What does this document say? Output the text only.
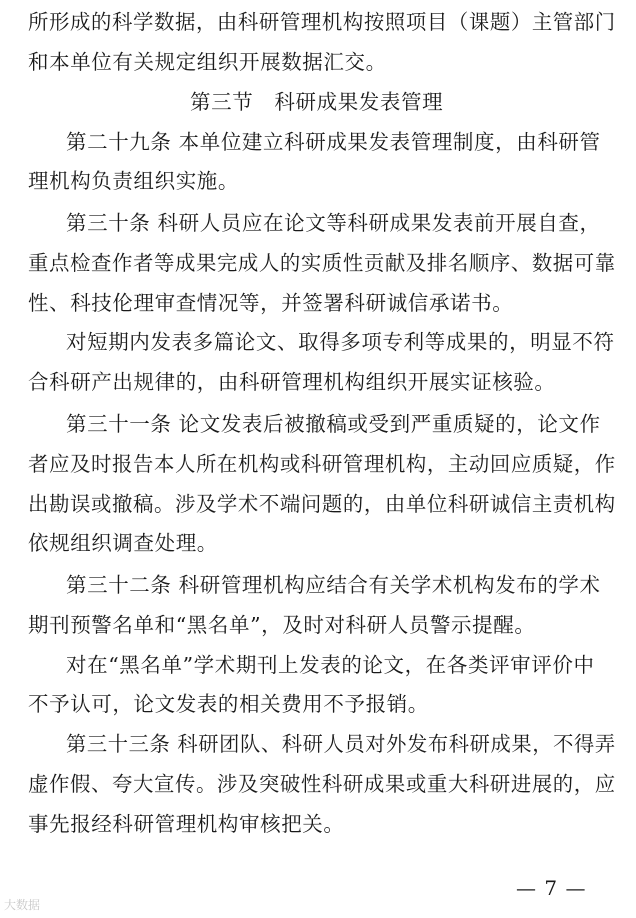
所形成的科学数据，由科研管理机构按照项目（课题）主管部门
和本单位有关规定组织开展数据汇交。
第三节　科研成果发表管理
第二十九条 本单位建立科研成果发表管理制度，由科研管
理机构负责组织实施。
第三十条 科研人员应在论文等科研成果发表前开展自查，
重点检查作者等成果完成人的实质性贡献及排名顺序、数据可靠
性、科技伦理审查情况等，并签署科研诚信承诺书。
对短期内发表多篇论文、取得多项专利等成果的，明显不符
合科研产出规律的，由科研管理机构组织开展实证核验。
第三十一条 论文发表后被撤稿或受到严重质疑的，论文作
者应及时报告本人所在机构或科研管理机构，主动回应质疑，作
出勘误或撤稿。涉及学术不端问题的，由单位科研诚信主责机构
依规组织调查处理。
第三十二条 科研管理机构应结合有关学术机构发布的学术
期刊预警名单和“黑名单”，及时对科研人员警示提醒。
对在“黑名单”学术期刊上发表的论文，在各类评审评价中
不予认可，论文发表的相关费用不予报销。
第三十三条 科研团队、科研人员对外发布科研成果，不得弄
虚作假、夸大宣传。涉及突破性科研成果或重大科研进展的，应
事先报经科研管理机构审核把关。
— 7 —
大数据
